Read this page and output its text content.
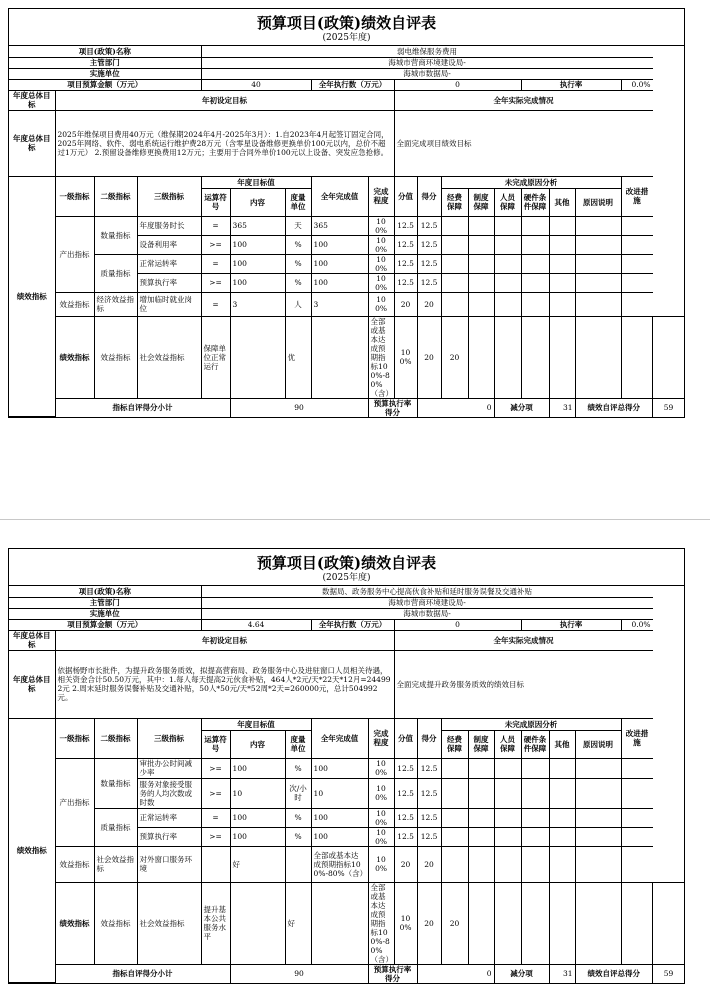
预算项目(政策)绩效自评表
(2025年度)
项目(政策)名称				弱电维保服务费用														
主管部门				海城市营商环境建设局-														
实施单位				海城市数据局-														
项目预算金额（万元）				40			全年执行数（万元）		0					执行率			0.0%	
年度总体目标	年初设定目标								全年实际完成情况									
年度总体目标	2025年维保项目费用40万元（维保期2024年4月-2025年3月）：1.自2023年4月起签订固定合同，2025年网络、软件、弱电系统运行维护费28万元（含零星设备维修更换单价100元以内，总价不超过1万元） 2.预留设备维修更换费用12万元；主要用于合同外单价100元以上设备、突发应急抢修。								全面完成项目绩效目标									
绩效指标	一级指标	二级指标	三级指标	年度目标值			全年完成值	完成程度	分值	得分	未完成原因分析						改进措施	
				运算符号	内容	度量单位					经费保障	制度保障	人员保障	硬件条件保障	其他	原因说明		

	产出指标	数量指标	年度服务时长	=	365	天	365	100%	12.5	12.5								
			设备利用率	>=	100	%	100	100%	12.5	12.5								
		质量指标	正常运转率	=	100	%	100	100%	12.5	12.5								
			预算执行率	>=	100	%	100	100%	12.5	12.5								
	效益指标	经济效益指标	增加临时就业岗位	=	3	人	3	100%	20	20								
	绩效指标	效益指标	社会效益指标	保障单位正常运行		优		全部或基本达成预期指标100%-80%（含）	100%	20	20							
	指标自评得分小计				90			预算执行率得分		0			减分项		31	绩效自评总得分		59
预算项目(政策)绩效自评表
(2025年度)
项目(政策)名称				数据局、政务服务中心提高伙食补贴和延时服务误餐及交通补贴														
主管部门				海城市营商环境建设局-														
实施单位				海城市数据局-														
项目预算金额（万元）				4.64			全年执行数（万元）		0					执行率			0.0%	
年度总体目标	年初设定目标								全年实际完成情况									
年度总体目标	依据杨野市长批件，为提升政务服务质效，拟提高营商局、政务服务中心及进驻窗口人员相关待遇，相关资金合计50.50万元，其中：1.每人每天提高2元伙食补贴，464人*2元/天*22天*12月=244992元 2.周末延时服务误餐补贴及交通补贴，50人*50元/天*52周*2天=260000元，总计504992元。								全面完成提升政务服务质效的绩效目标									
绩效指标	一级指标	二级指标	三级指标	年度目标值			全年完成值	完成程度	分值	得分	未完成原因分析						改进措施	
				运算符号	内容	度量单位					经费保障	制度保障	人员保障	硬件条件保障	其他	原因说明		

	产出指标	数量指标	审批办公时间减少率	>=	100	%	100	100%	12.5	12.5								
			服务对象接受服务的人均次数或时数	>=	10	次/小时	10	100%	12.5	12.5								
		质量指标	正常运转率	=	100	%	100	100%	12.5	12.5								
			预算执行率	>=	100	%	100	100%	12.5	12.5								
	效益指标	社会效益指标	对外窗口服务环境		好		全部或基本达成预期指标100%-80%（含）	100%	20	20								
	绩效指标	效益指标	社会效益指标	提升基本公共服务水平		好		全部或基本达成预期指标100%-80%（含）	100%	20	20							
	指标自评得分小计				90			预算执行率得分		0			减分项		31	绩效自评总得分		59
